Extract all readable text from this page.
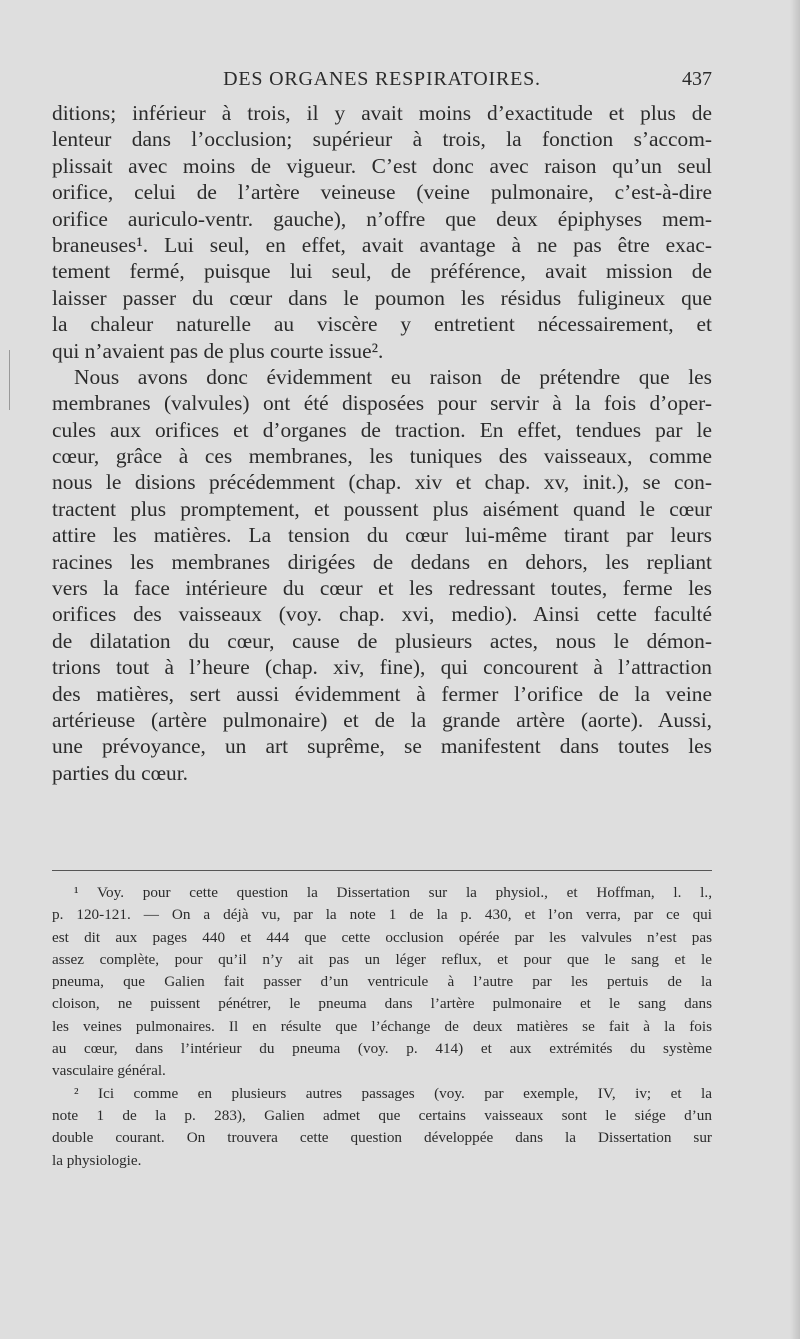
DES ORGANES RESPIRATOIRES.	437
ditions; inférieur à trois, il y avait moins d’exactitude et plus de
lenteur dans l’occlusion; supérieur à trois, la fonction s’accom-
plissait avec moins de vigueur. C’est donc avec raison qu’un seul
orifice, celui de l’artère veineuse (veine pulmonaire, c’est-à-dire
orifice auriculo-ventr. gauche), n’offre que deux épiphyses mem-
braneuses¹. Lui seul, en effet, avait avantage à ne pas être exac-
tement fermé, puisque lui seul, de préférence, avait mission de
laisser passer du cœur dans le poumon les résidus fuligineux que
la chaleur naturelle au viscère y entretient nécessairement, et
qui n’avaient pas de plus courte issue².
Nous avons donc évidemment eu raison de prétendre que les
membranes (valvules) ont été disposées pour servir à la fois d’oper-
cules aux orifices et d’organes de traction. En effet, tendues par le
cœur, grâce à ces membranes, les tuniques des vaisseaux, comme
nous le disions précédemment (chap. xiv et chap. xv, init.), se con-
tractent plus promptement, et poussent plus aisément quand le cœur
attire les matières. La tension du cœur lui-même tirant par leurs
racines les membranes dirigées de dedans en dehors, les repliant
vers la face intérieure du cœur et les redressant toutes, ferme les
orifices des vaisseaux (voy. chap. xvi, medio). Ainsi cette faculté
de dilatation du cœur, cause de plusieurs actes, nous le démon-
trions tout à l’heure (chap. xiv, fine), qui concourent à l’attraction
des matières, sert aussi évidemment à fermer l’orifice de la veine
artérieuse (artère pulmonaire) et de la grande artère (aorte). Aussi,
une prévoyance, un art suprême, se manifestent dans toutes les
parties du cœur.
¹ Voy. pour cette question la Dissertation sur la physiol., et Hoffman, l. l.,
p. 120-121. — On a déjà vu, par la note 1 de la p. 430, et l’on verra, par ce qui
est dit aux pages 440 et 444 que cette occlusion opérée par les valvules n’est pas
assez complète, pour qu’il n’y ait pas un léger reflux, et pour que le sang et le
pneuma, que Galien fait passer d’un ventricule à l’autre par les pertuis de la
cloison, ne puissent pénétrer, le pneuma dans l’artère pulmonaire et le sang dans
les veines pulmonaires. Il en résulte que l’échange de deux matières se fait à la fois
au cœur, dans l’intérieur du pneuma (voy. p. 414) et aux extrémités du système
vasculaire général.
² Ici comme en plusieurs autres passages (voy. par exemple, IV, iv; et la
note 1 de la p. 283), Galien admet que certains vaisseaux sont le siége d’un
double courant. On trouvera cette question développée dans la Dissertation sur
la physiologie.
